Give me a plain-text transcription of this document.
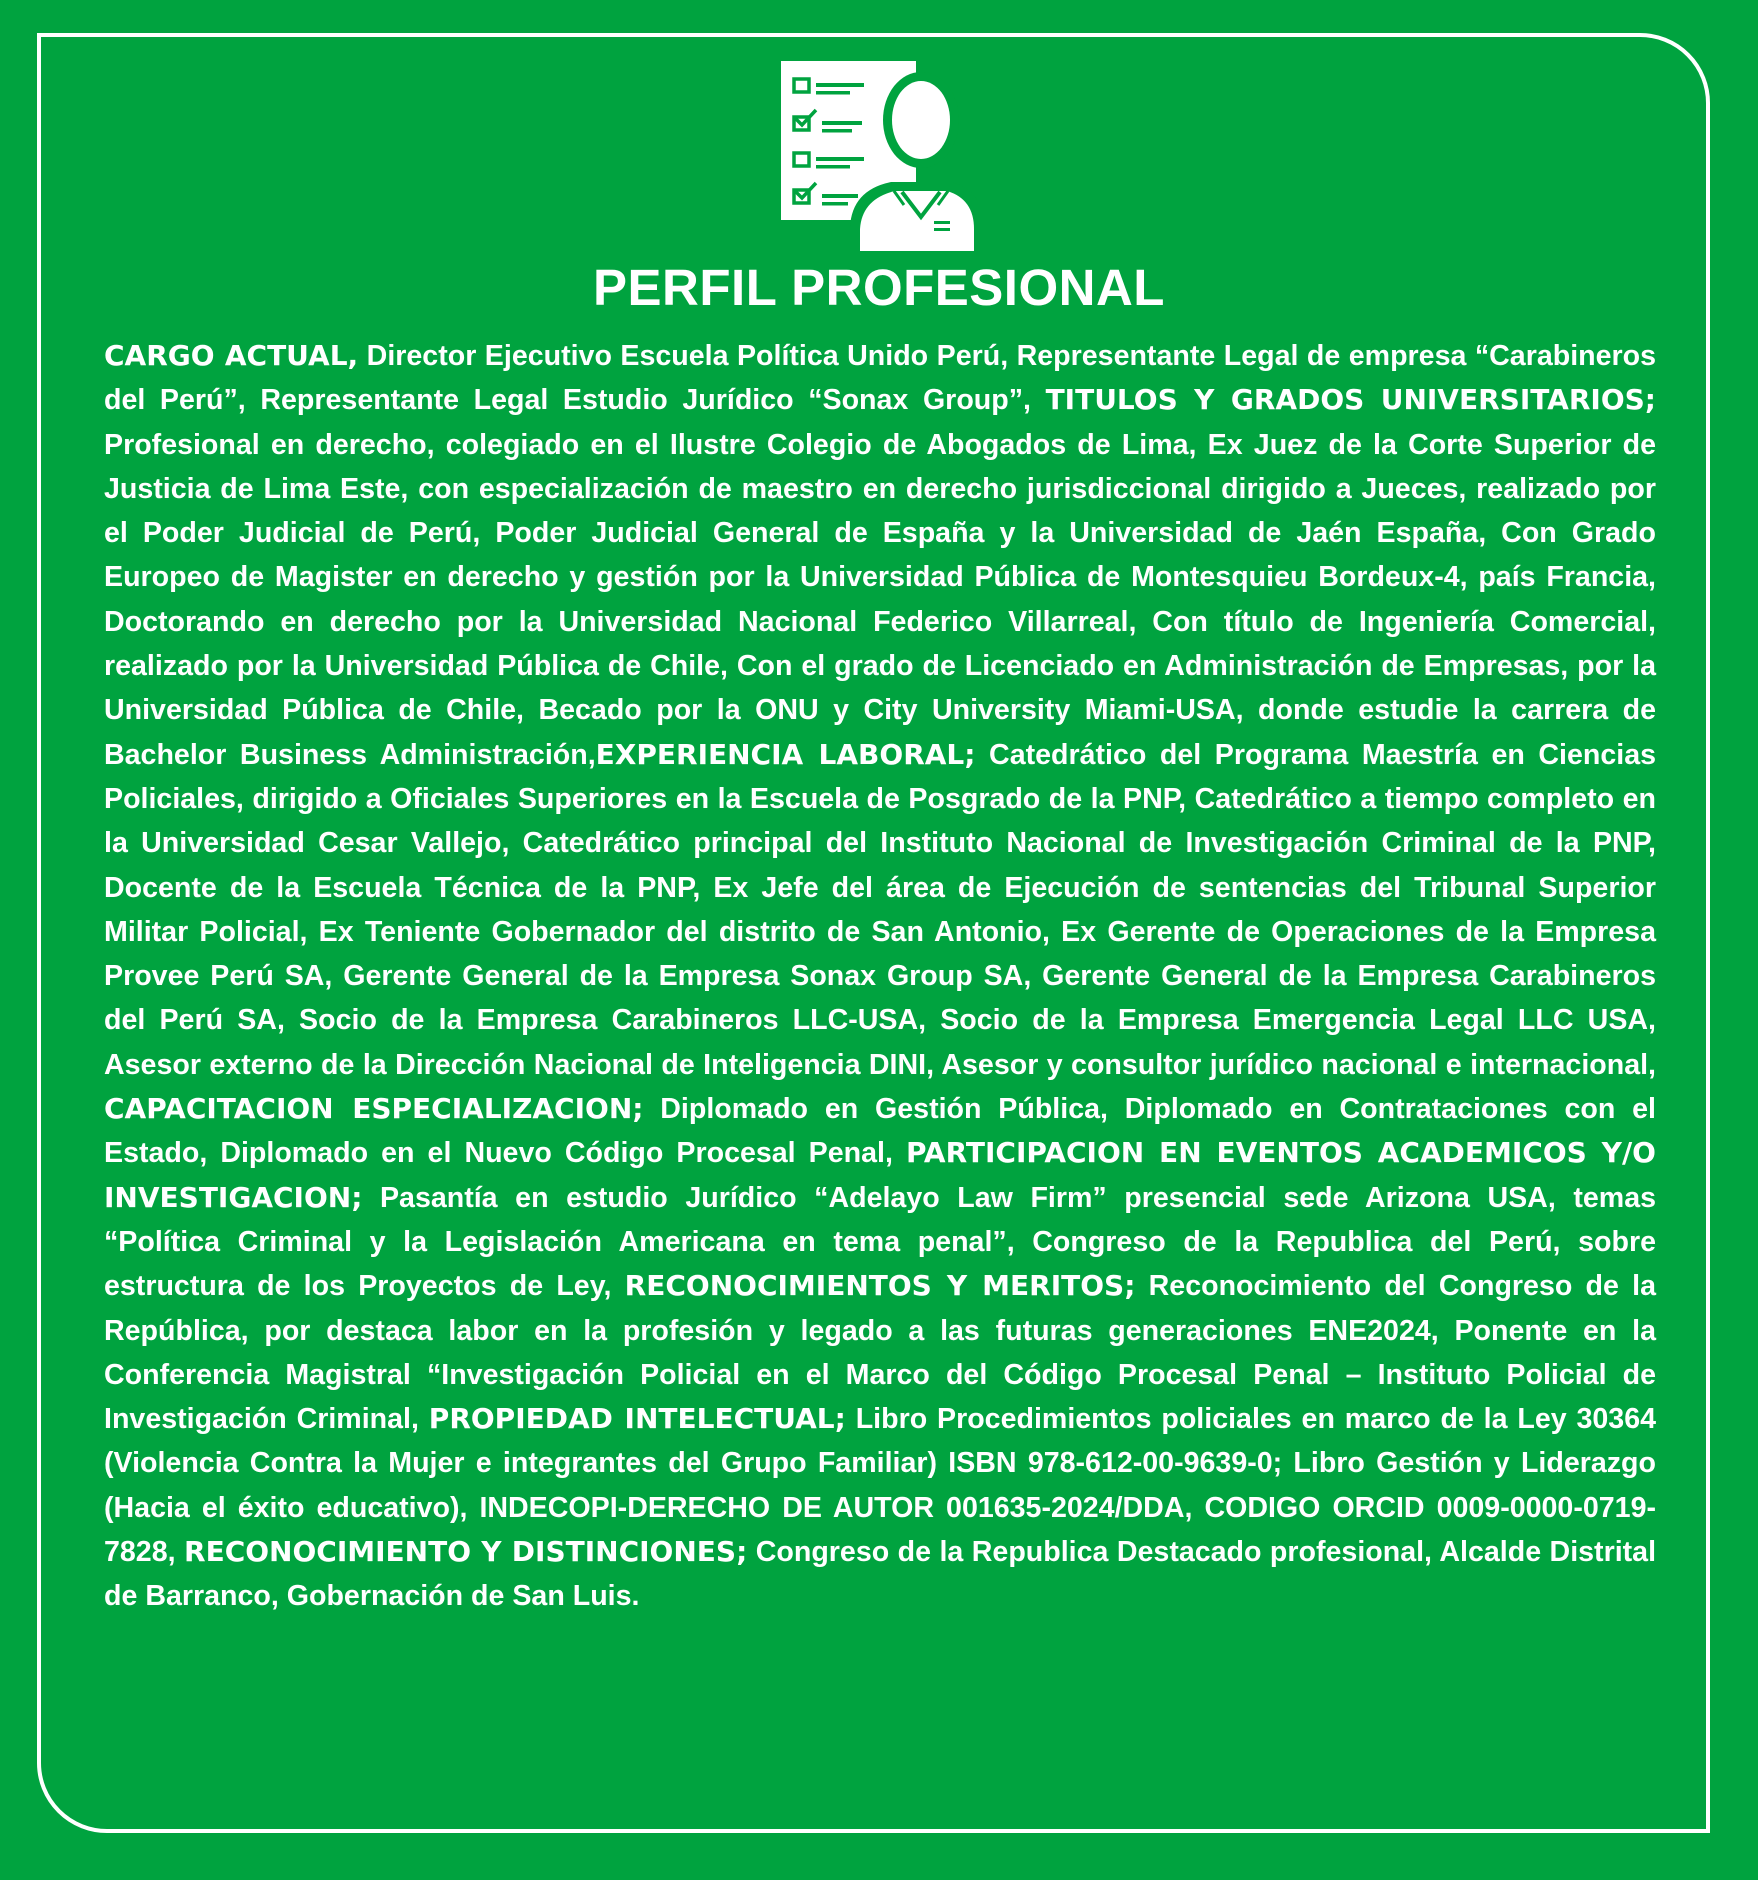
PERFIL PROFESIONAL

CARGO ACTUAL, Director Ejecutivo Escuela Política Unido Perú, Representante Legal de empresa “Carabineros del Perú”, Representante Legal Estudio Jurídico “Sonax Group”, TITULOS Y GRADOS UNIVERSITARIOS; Profesional en derecho, colegiado en el Ilustre Colegio de Abogados de Lima, Ex Juez de la Corte Superior de Justicia de Lima Este, con especialización de maestro en derecho jurisdiccional dirigido a Jueces, realizado por el Poder Judicial de Perú, Poder Judicial General de España y la Universidad de Jaén España, Con Grado Europeo de Magister en derecho y gestión por la Universidad Pública de Montesquieu Bordeux-4, país Francia, Doctorando en derecho por la Universidad Nacional Federico Villarreal, Con título de Ingeniería Comercial, realizado por la Universidad Pública de Chile, Con el grado de Licenciado en Administración de Empresas, por la Universidad Pública de Chile, Becado por la ONU y City University Miami-USA, donde estudie la carrera de Bachelor Business Administración,EXPERIENCIA LABORAL; Catedrático del Programa Maestría en Ciencias Policiales, dirigido a Oficiales Superiores en la Escuela de Posgrado de la PNP, Catedrático a tiempo completo en la Universidad Cesar Vallejo, Catedrático principal del Instituto Nacional de Investigación Criminal de la PNP, Docente de la Escuela Técnica de la PNP, Ex Jefe del área de Ejecución de sentencias del Tribunal Superior Militar Policial, Ex Teniente Gobernador del distrito de San Antonio, Ex Gerente de Operaciones de la Empresa Provee Perú SA, Gerente General de la Empresa Sonax Group SA, Gerente General de la Empresa Carabineros del Perú SA, Socio de la Empresa Carabineros LLC-USA, Socio de la Empresa Emergencia Legal LLC USA, Asesor externo de la Dirección Nacional de Inteligencia DINI, Asesor y consultor jurídico nacional e internacional, CAPACITACION ESPECIALIZACION; Diplomado en Gestión Pública, Diplomado en Contrataciones con el Estado, Diplomado en el Nuevo Código Procesal Penal, PARTICIPACION EN EVENTOS ACADEMICOS Y/O INVESTIGACION; Pasantía en estudio Jurídico “Adelayo Law Firm” presencial sede Arizona USA, temas “Política Criminal y la Legislación Americana en tema penal”, Congreso de la Republica del Perú, sobre estructura de los Proyectos de Ley, RECONOCIMIENTOS Y MERITOS; Reconocimiento del Congreso de la República, por destaca labor en la profesión y legado a las futuras generaciones ENE2024, Ponente en la Conferencia Magistral “Investigación Policial en el Marco del Código Procesal Penal – Instituto Policial de Investigación Criminal, PROPIEDAD INTELECTUAL; Libro Procedimientos policiales en marco de la Ley 30364 (Violencia Contra la Mujer e integrantes del Grupo Familiar) ISBN 978-612-00-9639-0; Libro Gestión y Liderazgo (Hacia el éxito educativo), INDECOPI-DERECHO DE AUTOR 001635-2024/DDA, CODIGO ORCID 0009-0000-0719-7828, RECONOCIMIENTO Y DISTINCIONES; Congreso de la Republica Destacado profesional, Alcalde Distrital de Barranco, Gobernación de San Luis.
